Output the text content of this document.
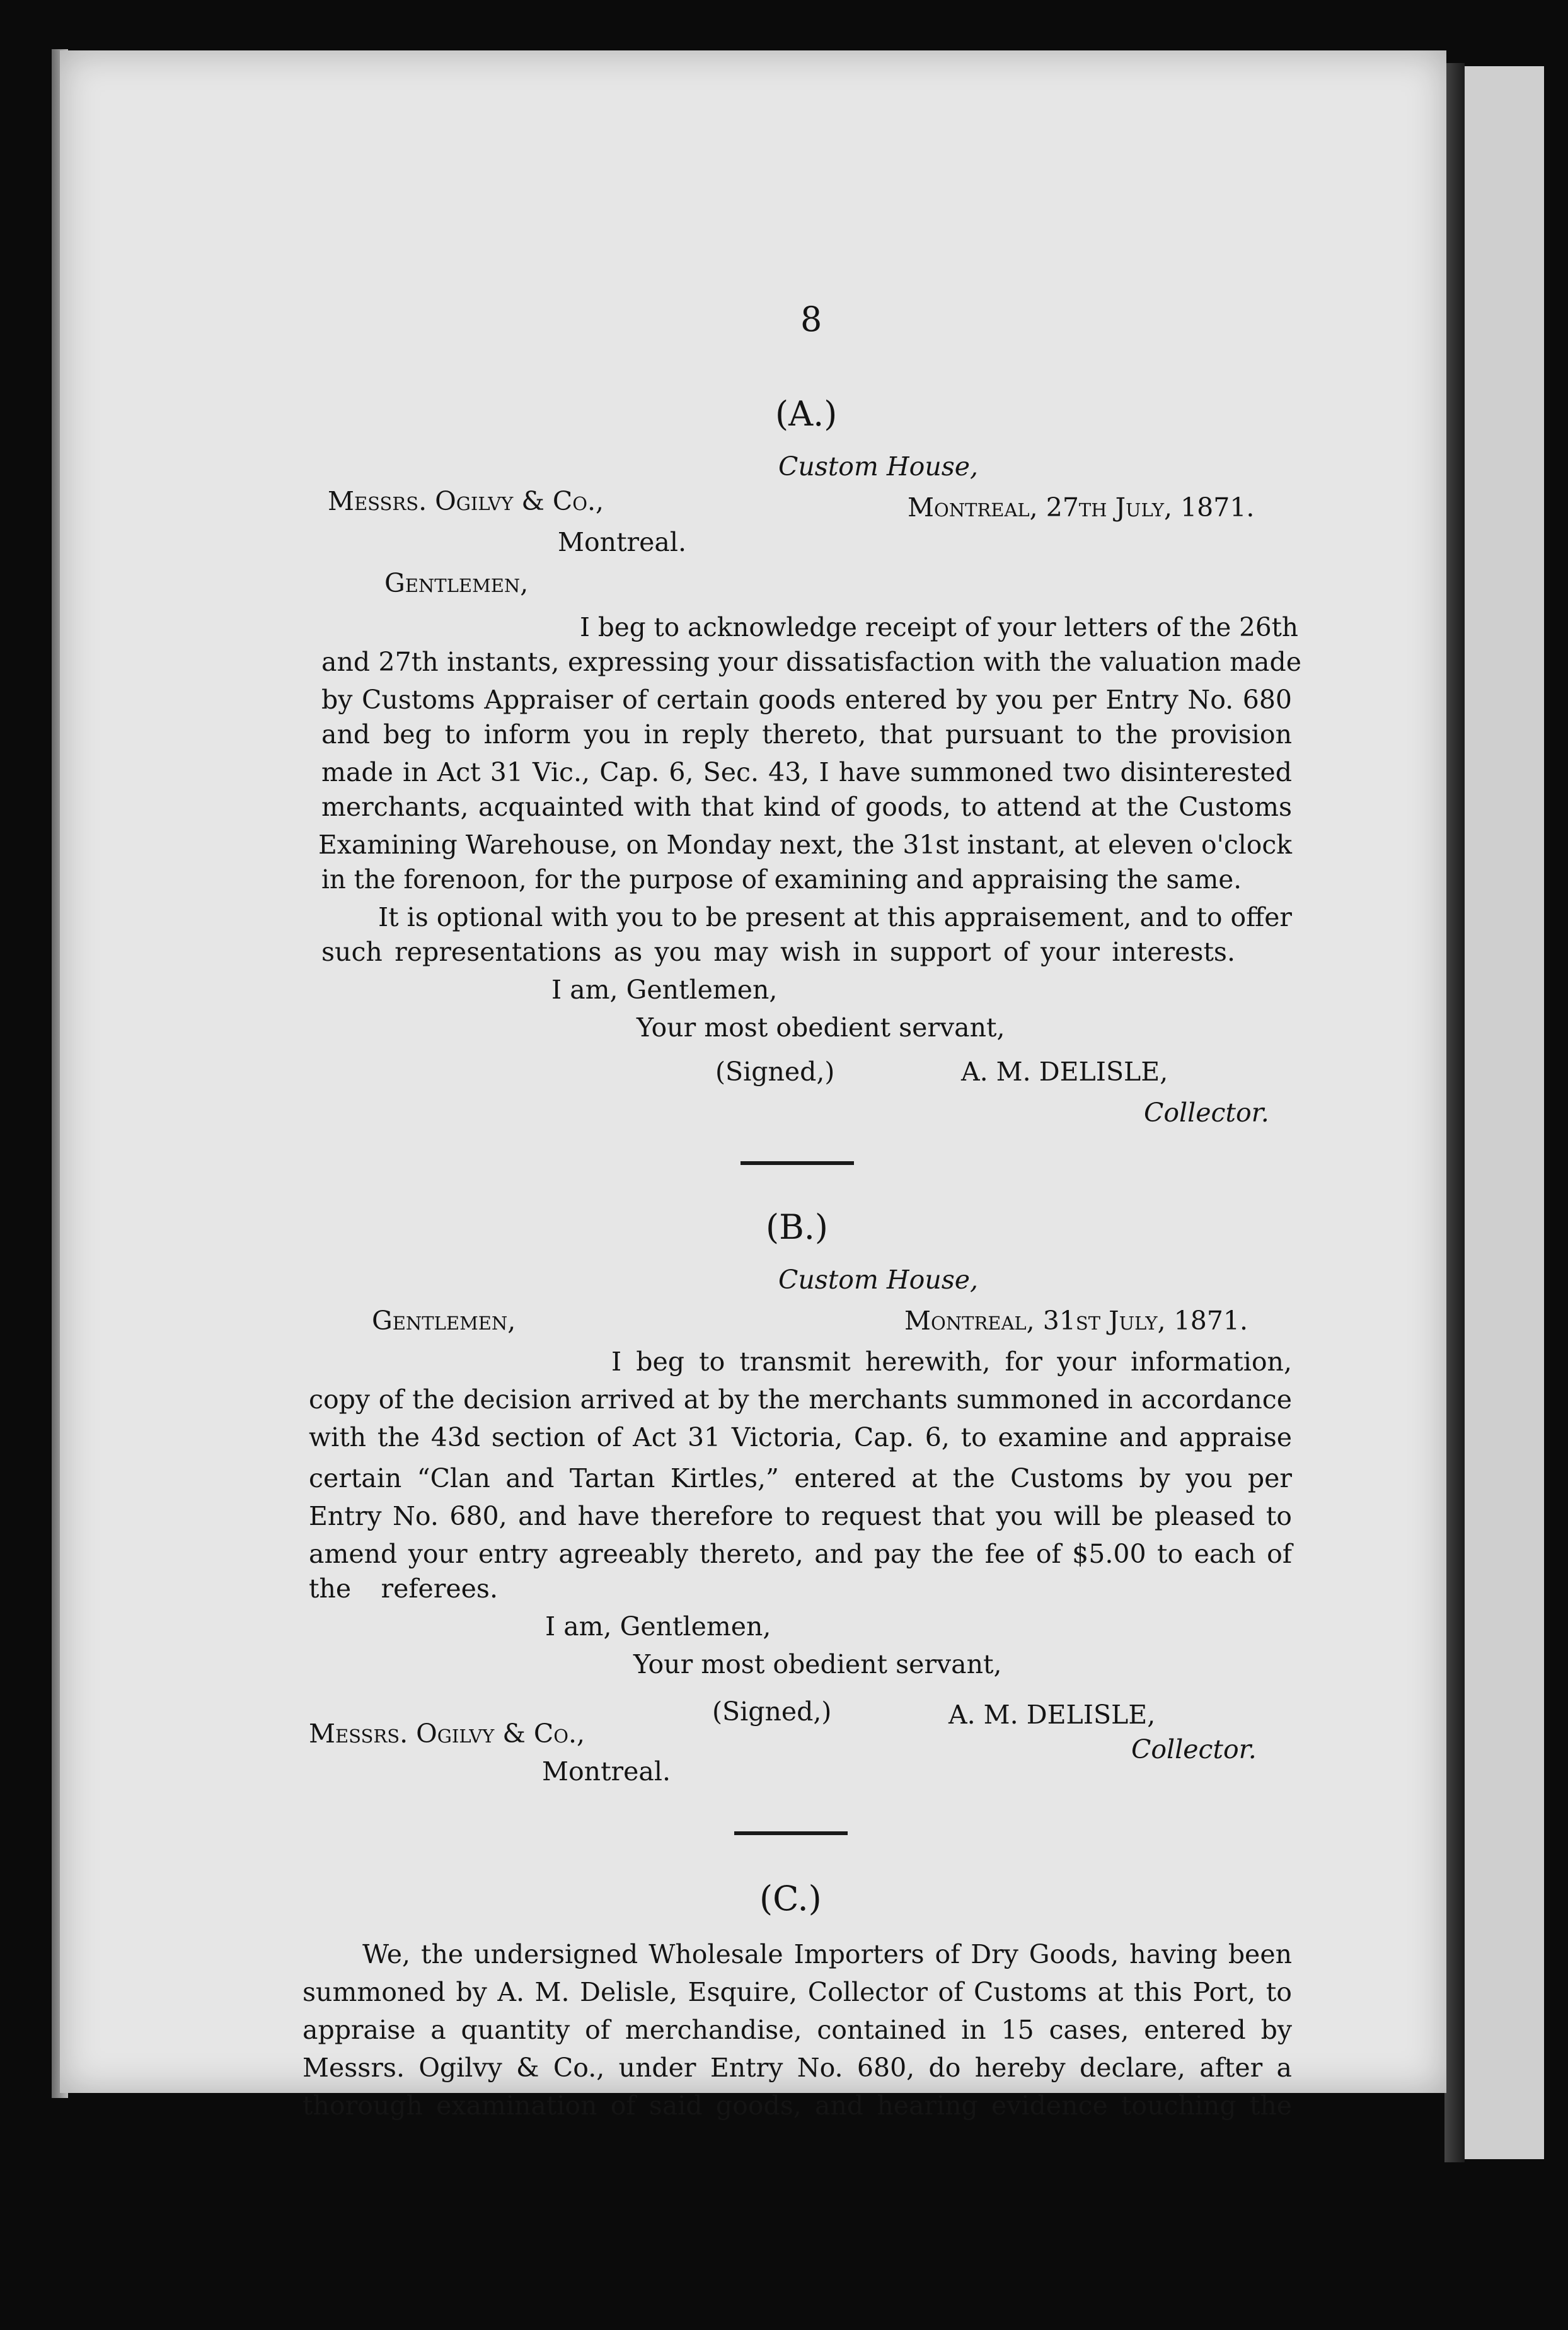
8
(A.)
Custom House,
Messrs. Ogilvy & Co.,	Montreal, 27th July, 1871.
Montreal.
Gentlemen,
I beg to acknowledge receipt of your letters of the 26th
and 27th instants, expressing your dissatisfaction with the valuation made
by Customs Appraiser of certain goods entered by you per Entry No. 680
and beg to inform you in reply thereto, that pursuant to the provision
made in Act 31 Vic., Cap. 6, Sec. 43, I have summoned two disinterested
merchants, acquainted with that kind of goods, to attend at the Customs
Examining Warehouse, on Monday next, the 31st instant, at eleven o'clock
in the forenoon, for the purpose of examining and appraising the same.
It is optional with you to be present at this appraisement, and to offer
such representations as you may wish in support of your interests.
I am, Gentlemen,
Your most obedient servant,
(Signed,)	A. M. DELISLE,
Collector.
(B.)
Custom House,
Gentlemen,	Montreal, 31st July, 1871.
I beg to transmit herewith, for your information,
copy of the decision arrived at by the merchants summoned in accordance
with the 43d section of Act 31 Victoria, Cap. 6, to examine and appraise
certain “Clan and Tartan Kirtles,” entered at the Customs by you per
Entry No. 680, and have therefore to request that you will be pleased to
amend your entry agreeably thereto, and pay the fee of $5.00 to each of
the referees.
I am, Gentlemen,
Your most obedient servant,
(Signed,)	A. M. DELISLE,
Messrs. Ogilvy & Co.,
Collector.
Montreal.
(C.)
We, the undersigned Wholesale Importers of Dry Goods, having been
summoned by A. M. Delisle, Esquire, Collector of Customs at this Port, to
appraise a quantity of merchandise, contained in 15 cases, entered by
Messrs. Ogilvy & Co., under Entry No. 680, do hereby declare, after a
thorough examination of said goods, and hearing evidence touching the
